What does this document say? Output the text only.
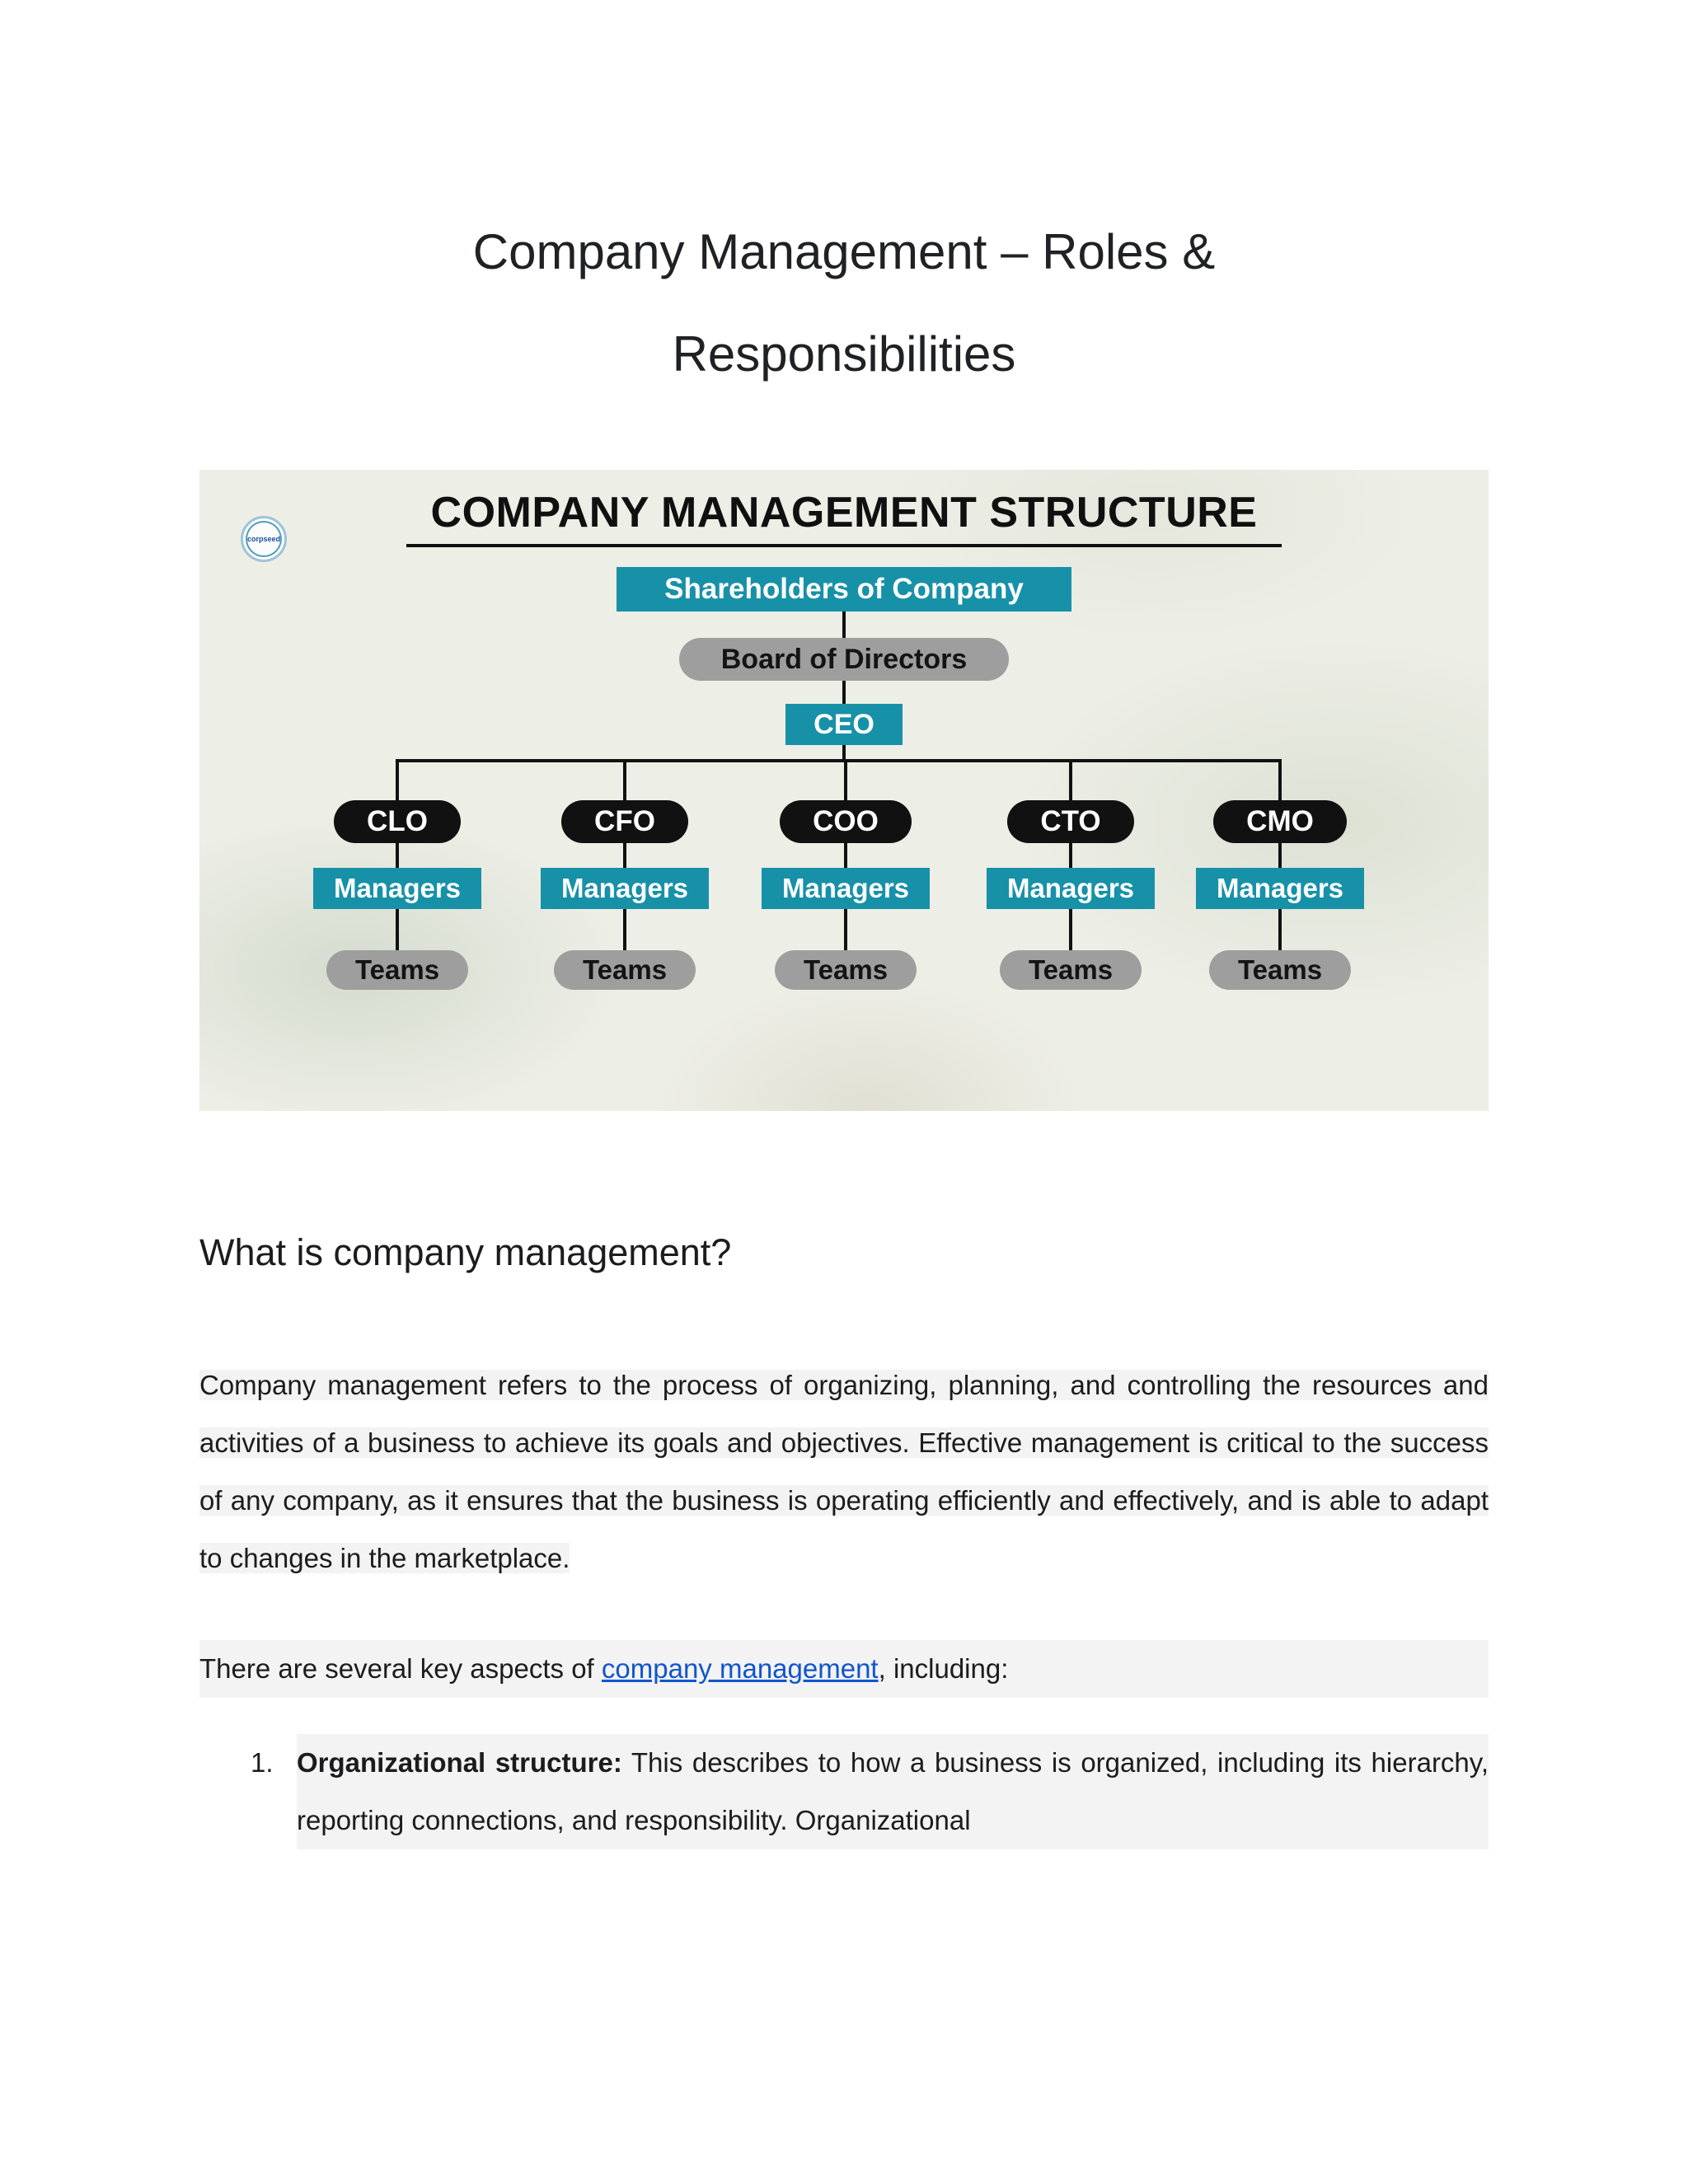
Company Management – Roles &
Responsibilities
corpseed
COMPANY MANAGEMENT STRUCTURE
Shareholders of Company
Board of Directors
CEO
CLO
Managers
Teams
CFO
Managers
Teams
COO
Managers
Teams
CTO
Managers
Teams
CMO
Managers
Teams
What is company management?

Company management refers to the process of organizing, planning, and controlling the resources and activities of a business to achieve its goals and objectives. Effective management is critical to the success of any company, as it ensures that the business is operating efficiently and effectively, and is able to adapt to changes in the marketplace.

There are several key aspects of company management, including:

1. Organizational structure: This describes to how a business is organized, including its hierarchy, reporting connections, and responsibility. Organizational
